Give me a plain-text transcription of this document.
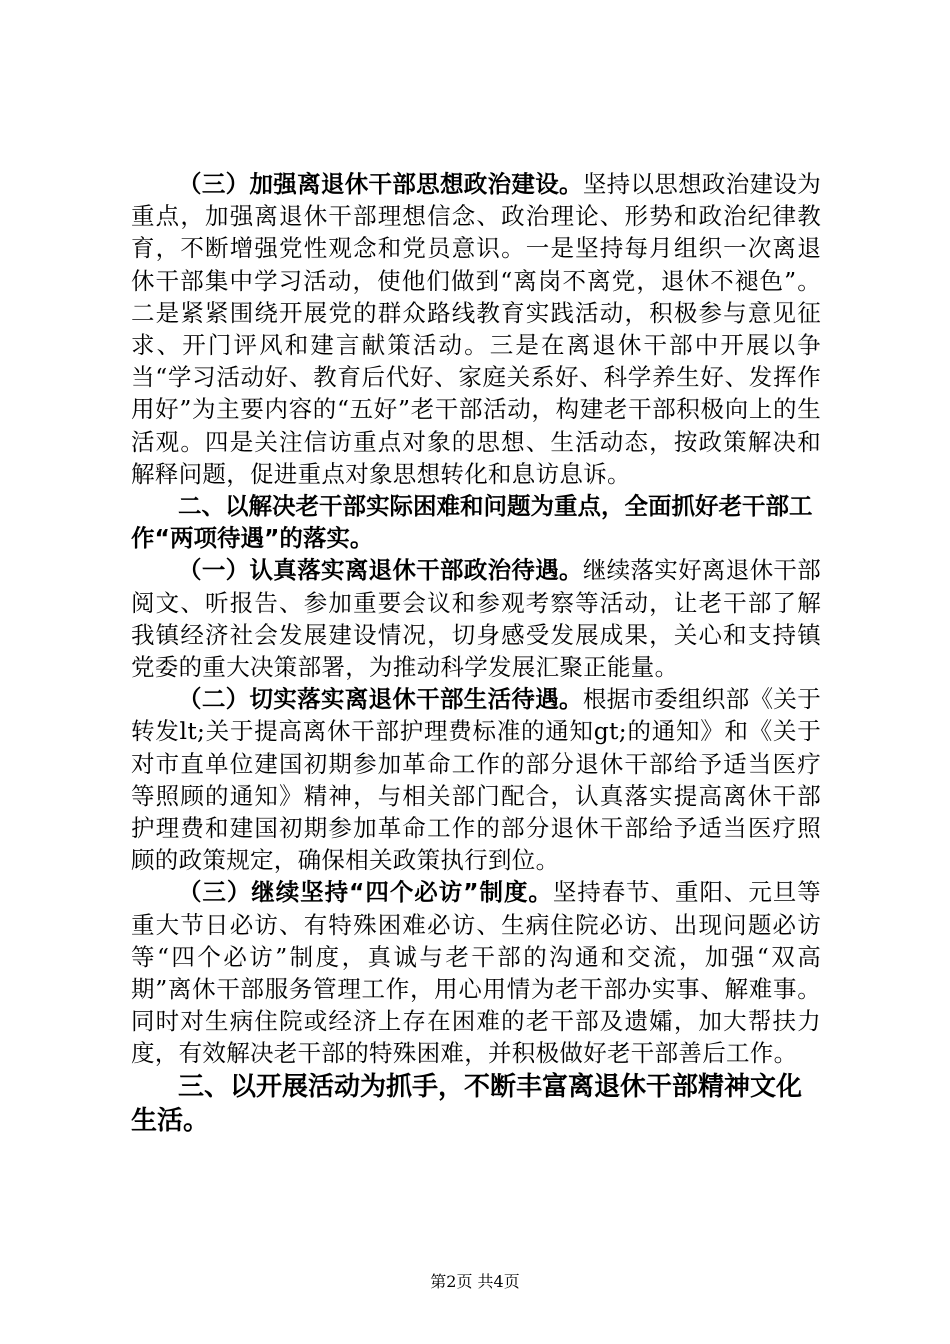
（三）加强离退休干部思想政治建设。坚持以思想政治建设为重点，加强离退休干部理想信念、政治理论、形势和政治纪律教育，不断增强党性观念和党员意识。一是坚持每月组织一次离退休干部集中学习活动，使他们做到“离岗不离党，退休不褪色”。二是紧紧围绕开展党的群众路线教育实践活动，积极参与意见征求、开门评风和建言献策活动。三是在离退休干部中开展以争当“学习活动好、教育后代好、家庭关系好、科学养生好、发挥作用好”为主要内容的“五好”老干部活动，构建老干部积极向上的生活观。四是关注信访重点对象的思想、生活动态，按政策解决和解释问题，促进重点对象思想转化和息访息诉。

二、以解决老干部实际困难和问题为重点，全面抓好老干部工作“两项待遇”的落实。

（一）认真落实离退休干部政治待遇。继续落实好离退休干部阅文、听报告、参加重要会议和参观考察等活动，让老干部了解我镇经济社会发展建设情况，切身感受发展成果，关心和支持镇党委的重大决策部署，为推动科学发展汇聚正能量。

（二）切实落实离退休干部生活待遇。根据市委组织部《关于转发lt;关于提高离休干部护理费标准的通知gt;的通知》和《关于对市直单位建国初期参加革命工作的部分退休干部给予适当医疗等照顾的通知》精神，与相关部门配合，认真落实提高离休干部护理费和建国初期参加革命工作的部分退休干部给予适当医疗照顾的政策规定，确保相关政策执行到位。

（三）继续坚持“四个必访”制度。坚持春节、重阳、元旦等重大节日必访、有特殊困难必访、生病住院必访、出现问题必访等“四个必访”制度，真诚与老干部的沟通和交流，加强“双高期”离休干部服务管理工作，用心用情为老干部办实事、解难事。同时对生病住院或经济上存在困难的老干部及遗孀，加大帮扶力度，有效解决老干部的特殊困难，并积极做好老干部善后工作。

三、以开展活动为抓手，不断丰富离退休干部精神文化生活。

第2页 共4页
